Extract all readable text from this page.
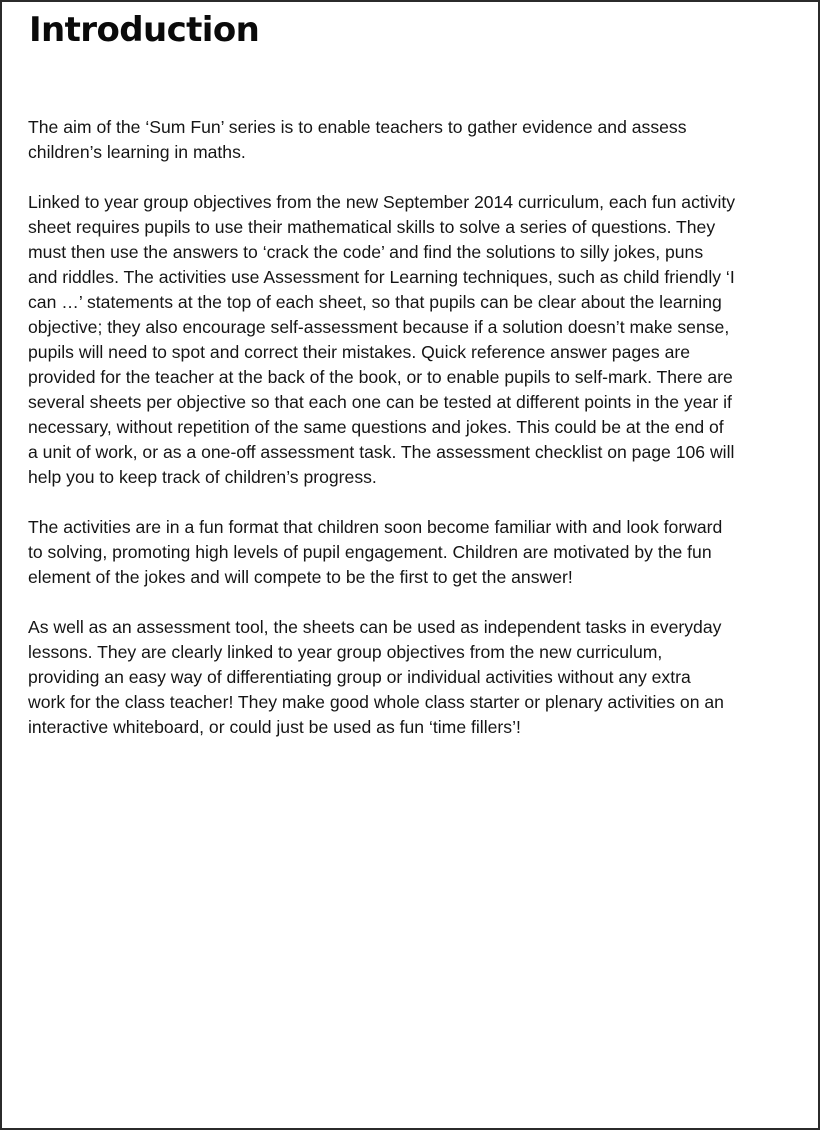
Introduction

The aim of the ‘Sum Fun’ series is to enable teachers to gather evidence and assess
children’s learning in maths.

Linked to year group objectives from the new September 2014 curriculum, each fun activity
sheet requires pupils to use their mathematical skills to solve a series of questions. They
must then use the answers to ‘crack the code’ and find the solutions to silly jokes, puns
and riddles. The activities use Assessment for Learning techniques, such as child friendly ‘I
can …’ statements at the top of each sheet, so that pupils can be clear about the learning
objective; they also encourage self-assessment because if a solution doesn’t make sense,
pupils will need to spot and correct their mistakes. Quick reference answer pages are
provided for the teacher at the back of the book, or to enable pupils to self-mark. There are
several sheets per objective so that each one can be tested at different points in the year if
necessary, without repetition of the same questions and jokes. This could be at the end of
a unit of work, or as a one-off assessment task. The assessment checklist on page 106 will
help you to keep track of children’s progress.

The activities are in a fun format that children soon become familiar with and look forward
to solving, promoting high levels of pupil engagement. Children are motivated by the fun
element of the jokes and will compete to be the first to get the answer!

As well as an assessment tool, the sheets can be used as independent tasks in everyday
lessons. They are clearly linked to year group objectives from the new curriculum,
providing an easy way of differentiating group or individual activities without any extra
work for the class teacher! They make good whole class starter or plenary activities on an
interactive whiteboard, or could just be used as fun ‘time fillers’!
